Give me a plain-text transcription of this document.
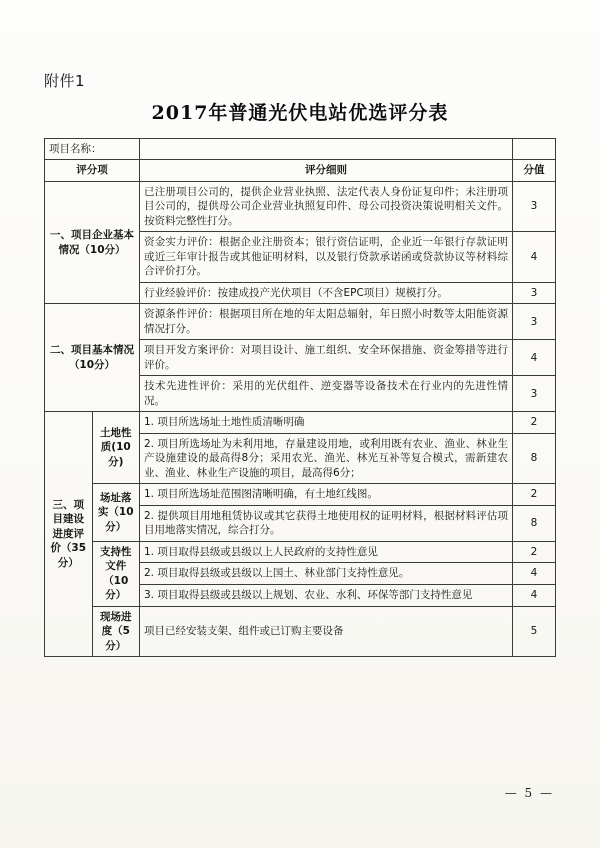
附件1
2017年普通光伏电站优选评分表
项目名称：			
评分项		评分细则	分值
一、项目企业基本情况（10分）		已注册项目公司的，提供企业营业执照、法定代表人身份证复印件；未注册项目公司的，提供母公司企业营业执照复印件、母公司投资决策说明相关文件。按资料完整性打分。	3
		资金实力评价：根据企业注册资本；银行资信证明，企业近一年银行存款证明或近三年审计报告或其他证明材料，以及银行贷款承诺函或贷款协议等材料综合评价打分。	4
		行业经验评价：按建成投产光伏项目（不含EPC项目）规模打分。	3
二、项目基本情况（10分）		资源条件评价：根据项目所在地的年太阳总辐射，年日照小时数等太阳能资源情况打分。	3
		项目开发方案评价：对项目设计、施工组织、安全环保措施、资金筹措等进行评价。	4
		技术先进性评价：采用的光伏组件、逆变器等设备技术在行业内的先进性情况。	3
三、项目建设进度评价（35分）	土地性质(10分)	1. 项目所选场址土地性质清晰明确	2
		2. 项目所选场址为未利用地，存量建设用地，或利用既有农业、渔业、林业生产设施建设的最高得8分；采用农光、渔光、林光互补等复合模式，需新建农业、渔业、林业生产设施的项目，最高得6分；	8
	场址落实（10分）	1. 项目所选场址范围图清晰明确，有土地红线图。	2
		2. 提供项目用地租赁协议或其它获得土地使用权的证明材料，根据材料评估项目用地落实情况，综合打分。	8
	支持性文件（10分）	1. 项目取得县级或县级以上人民政府的支持性意见	2
		2. 项目取得县级或县级以上国土、林业部门支持性意见。	4
		3. 项目取得县级或县级以上规划、农业、水利、环保等部门支持性意见	4
	现场进度（5分）	项目已经安装支架、组件或已订购主要设备	5
— 5 —
